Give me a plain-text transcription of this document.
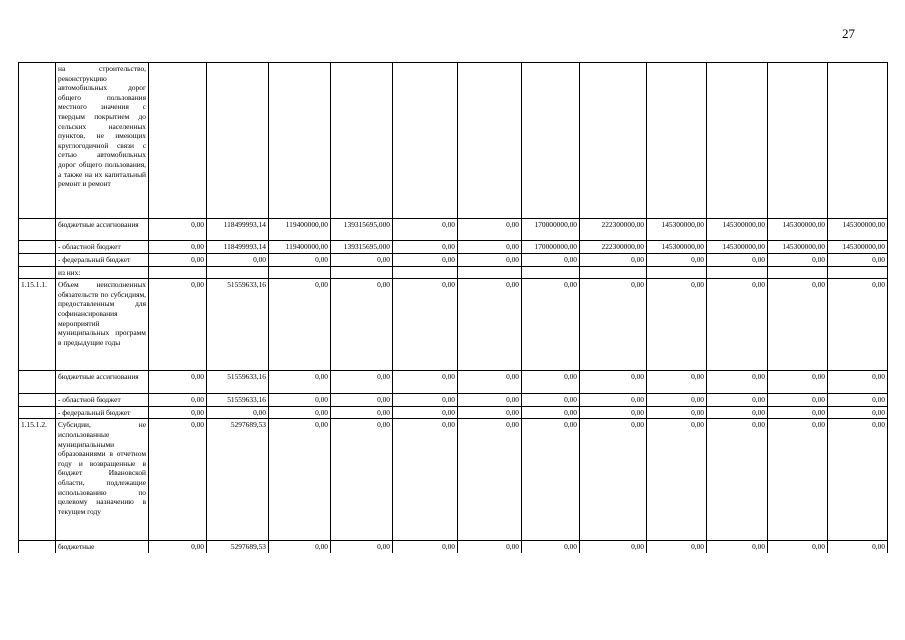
27
	на строительство, реконструкцию автомобильных дорог общего пользования местного значения с твердым покрытием до сельских населенных пунктов, не имеющих круглогодичной связи с сетью автомобильных дорог общего пользования, а также на их капитальный ремонт и ремонт												
	бюджетные ассигнования	0,00	118499993,14	119400000,00	139315695,000	0,00	0,00	170000000,00	222300000,00	145300000,00	145300000,00	145300000,00	145300000,00
	- областной бюджет	0,00	118499993,14	119400000,00	139315695,000	0,00	0,00	170000000,00	222300000,00	145300000,00	145300000,00	145300000,00	145300000,00
	- федеральный бюджет	0,00	0,00	0,00	0,00	0,00	0,00	0,00	0,00	0,00	0,00	0,00	0,00
	из них:												
1.15.1.1.	Объем неисполненных обязательств по субсидиям, предоставленным для софинансирования мероприятий муниципальных программ в предыдущие годы	0,00	51559633,16	0,00	0,00	0,00	0,00	0,00	0,00	0,00	0,00	0,00	0,00
	бюджетные ассигнования	0,00	51559633,16	0,00	0,00	0,00	0,00	0,00	0,00	0,00	0,00	0,00	0,00
	- областной бюджет	0,00	51559633,16	0,00	0,00	0,00	0,00	0,00	0,00	0,00	0,00	0,00	0,00
	- федеральный бюджет	0,00	0,00	0,00	0,00	0,00	0,00	0,00	0,00	0,00	0,00	0,00	0,00
1.15.1.2.	Субсидии, не использованные муниципальными образованиями в отчетном году и возвращенные в бюджет Ивановской области, подлежащие использованию по целевому назначению в текущем году	0,00	5297689,53	0,00	0,00	0,00	0,00	0,00	0,00	0,00	0,00	0,00	0,00
	бюджетные	0,00	5297689,53	0,00	0,00	0,00	0,00	0,00	0,00	0,00	0,00	0,00	0,00
